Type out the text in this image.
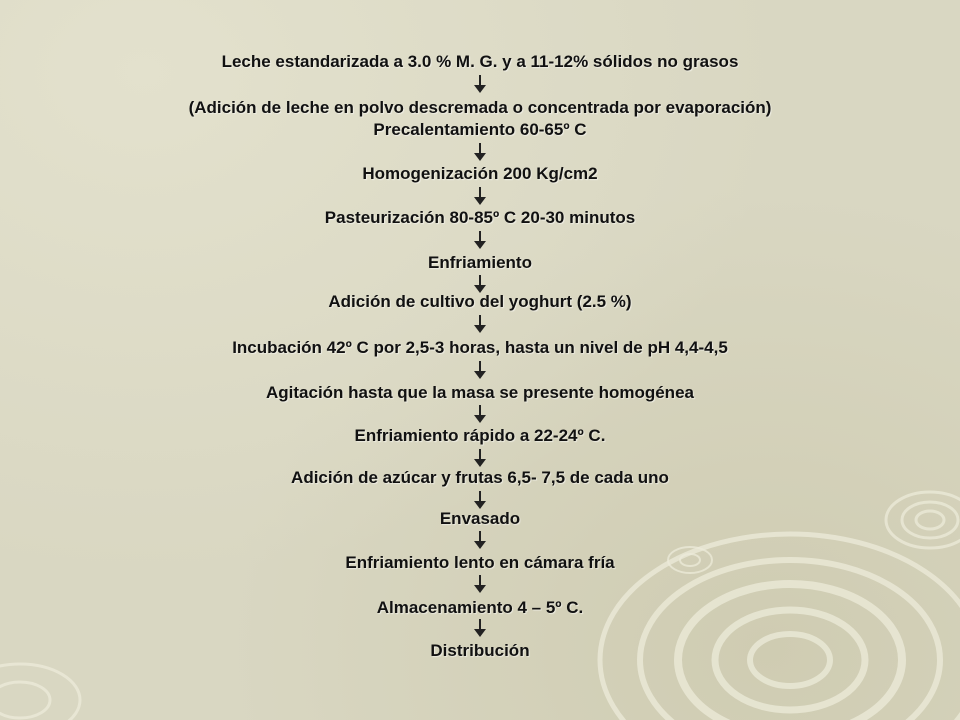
Leche estandarizada a 3.0 % M. G. y a 11-12% sólidos no grasos
(Adición de leche en polvo descremada o concentrada por evaporación)
Precalentamiento 60-65º C
Homogenización 200 Kg/cm2
Pasteurización 80-85º C 20-30 minutos
Enfriamiento
Adición de cultivo del yoghurt (2.5 %)
Incubación 42º C por 2,5-3 horas, hasta un nivel de pH 4,4-4,5
Agitación hasta que la masa se presente homogénea
Enfriamiento rápido a 22-24º C.
Adición de azúcar y frutas 6,5- 7,5 de cada uno
Envasado
Enfriamiento lento en cámara fría
Almacenamiento 4 – 5º C.
Distribución
